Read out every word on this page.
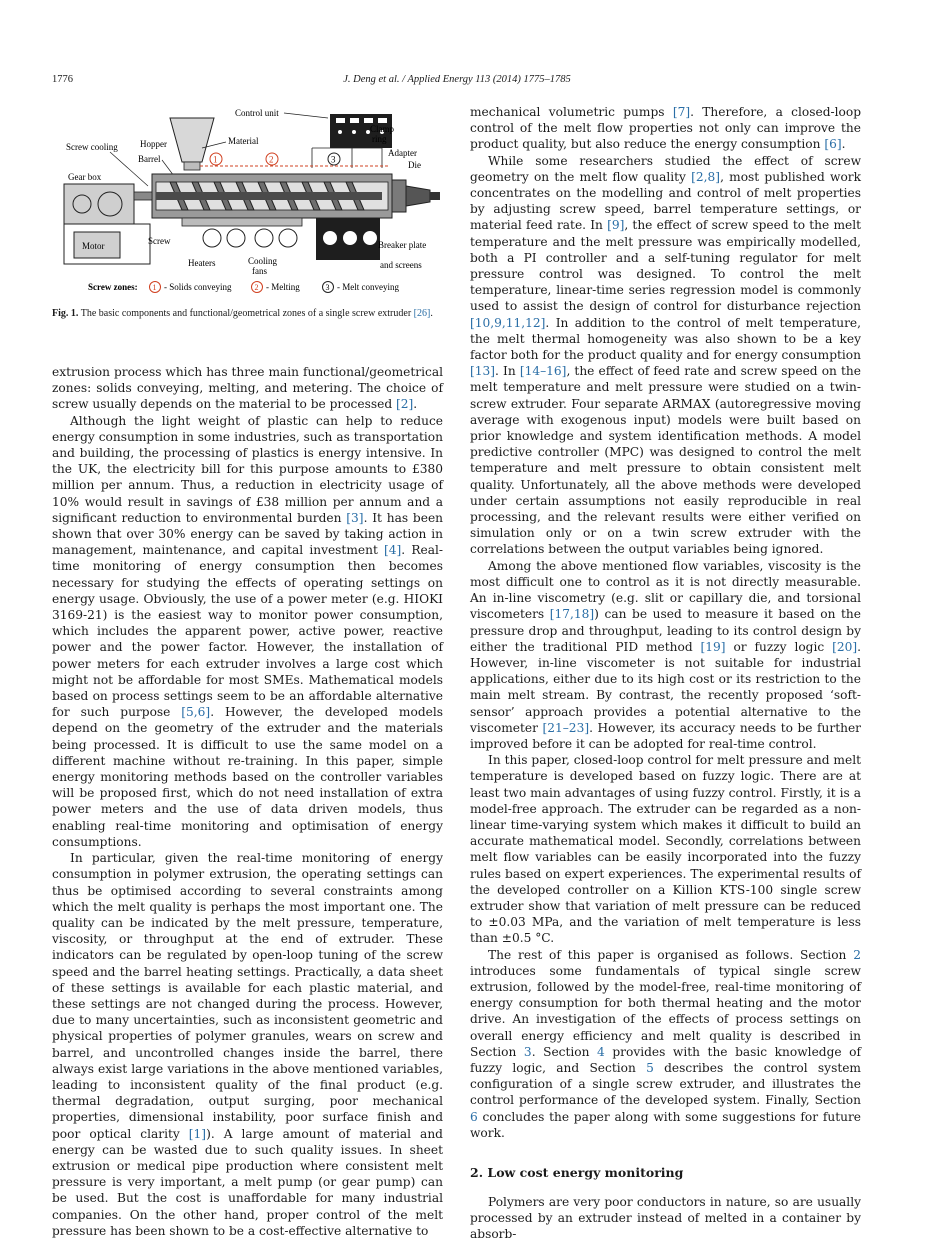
1776	J. Deng et al. / Applied Energy 113 (2014) 1775–1785
Control unit
Hopper	Material
Screw cooling
Barrel	1	2	3
Clamp
ring
Adapter
Die
Gear box
Motor	Screw
Heaters	Cooling
fans
Breaker plate
and screens
Screw zones: 1 - Solids conveying	2 - Melting	3 - Melt conveying
Fig. 1. The basic components and functional/geometrical zones of a single screw extruder [26].

extrusion process which has three main functional/geometrical zones: solids conveying, melting, and metering. The choice of screw usually depends on the material to be processed [2].

Although the light weight of plastic can help to reduce energy consumption in some industries, such as transportation and building, the processing of plastics is energy intensive. In the UK, the electricity bill for this purpose amounts to £380 million per annum. Thus, a reduction in electricity usage of 10% would result in savings of £38 million per annum and a significant reduction to environmental burden [3]. It has been shown that over 30% energy can be saved by taking action in management, maintenance, and capital investment [4]. Real-time monitoring of energy consumption then becomes necessary for studying the effects of operating settings on energy usage. Obviously, the use of a power meter (e.g. HIOKI 3169-21) is the easiest way to monitor power consumption, which includes the apparent power, active power, reactive power and the power factor. However, the installation of power meters for each extruder involves a large cost which might not be affordable for most SMEs. Mathematical models based on process settings seem to be an affordable alternative for such purpose [5,6]. However, the developed models depend on the geometry of the extruder and the materials being processed. It is difficult to use the same model on a different machine without re-training. In this paper, simple energy monitoring methods based on the controller variables will be proposed first, which do not need installation of extra power meters and the use of data driven models, thus enabling real-time monitoring and optimisation of energy consumptions.

In particular, given the real-time monitoring of energy consumption in polymer extrusion, the operating settings can thus be optimised according to several constraints among which the melt quality is perhaps the most important one. The quality can be indicated by the melt pressure, temperature, viscosity, or throughput at the end of extruder. These indicators can be regulated by open-loop tuning of the screw speed and the barrel heating settings. Practically, a data sheet of these settings is available for each plastic material, and these settings are not changed during the process. However, due to many uncertainties, such as inconsistent geometric and physical properties of polymer granules, wears on screw and barrel, and uncontrolled changes inside the barrel, there always exist large variations in the above mentioned variables, leading to inconsistent quality of the final product (e.g. thermal degradation, output surging, poor mechanical properties, dimensional instability, poor surface finish and poor optical clarity [1]). A large amount of material and energy can be wasted due to such quality issues. In sheet extrusion or medical pipe production where consistent melt pressure is very important, a melt pump (or gear pump) can be used. But the cost is unaffordable for many industrial companies. On the other hand, proper control of the melt pressure has been shown to be a cost-effective alternative to

mechanical volumetric pumps [7]. Therefore, a closed-loop control of the melt flow properties not only can improve the product quality, but also reduce the energy consumption [6].

While some researchers studied the effect of screw geometry on the melt flow quality [2,8], most published work concentrates on the modelling and control of melt properties by adjusting screw speed, barrel temperature settings, or material feed rate. In [9], the effect of screw speed to the melt temperature and the melt pressure was empirically modelled, both a PI controller and a self-tuning regulator for melt pressure control was designed. To control the melt temperature, linear-time series regression model is commonly used to assist the design of control for disturbance rejection [10,9,11,12]. In addition to the control of melt temperature, the melt thermal homogeneity was also shown to be a key factor both for the product quality and for energy consumption [13]. In [14–16], the effect of feed rate and screw speed on the melt temperature and melt pressure were studied on a twin-screw extruder. Four separate ARMAX (autoregressive moving average with exogenous input) models were built based on prior knowledge and system identification methods. A model predictive controller (MPC) was designed to control the melt temperature and melt pressure to obtain consistent melt quality. Unfortunately, all the above methods were developed under certain assumptions not easily reproducible in real processing, and the relevant results were either verified on simulation only or on a twin screw extruder with the correlations between the output variables being ignored.

Among the above mentioned flow variables, viscosity is the most difficult one to control as it is not directly measurable. An in-line viscometry (e.g. slit or capillary die, and torsional viscometers [17,18]) can be used to measure it based on the pressure drop and throughput, leading to its control design by either the traditional PID method [19] or fuzzy logic [20]. However, in-line viscometer is not suitable for industrial applications, either due to its high cost or its restriction to the main melt stream. By contrast, the recently proposed ‘soft-sensor’ approach provides a potential alternative to the viscometer [21–23]. However, its accuracy needs to be further improved before it can be adopted for real-time control.

In this paper, closed-loop control for melt pressure and melt temperature is developed based on fuzzy logic. There are at least two main advantages of using fuzzy control. Firstly, it is a model-free approach. The extruder can be regarded as a non-linear time-varying system which makes it difficult to build an accurate mathematical model. Secondly, correlations between melt flow variables can be easily incorporated into the fuzzy rules based on expert experiences. The experimental results of the developed controller on a Killion KTS-100 single screw extruder show that variation of melt pressure can be reduced to ±0.03 MPa, and the variation of melt temperature is less than ±0.5 °C.

The rest of this paper is organised as follows. Section 2 introduces some fundamentals of typical single screw extrusion, followed by the model-free, real-time monitoring of energy consumption for both thermal heating and the motor drive. An investigation of the effects of process settings on overall energy efficiency and melt quality is described in Section 3. Section 4 provides with the basic knowledge of fuzzy logic, and Section 5 describes the control system configuration of a single screw extruder, and illustrates the control performance of the developed system. Finally, Section 6 concludes the paper along with some suggestions for future work.

2. Low cost energy monitoring

Polymers are very poor conductors in nature, so are usually processed by an extruder instead of melted in a container by absorb-
